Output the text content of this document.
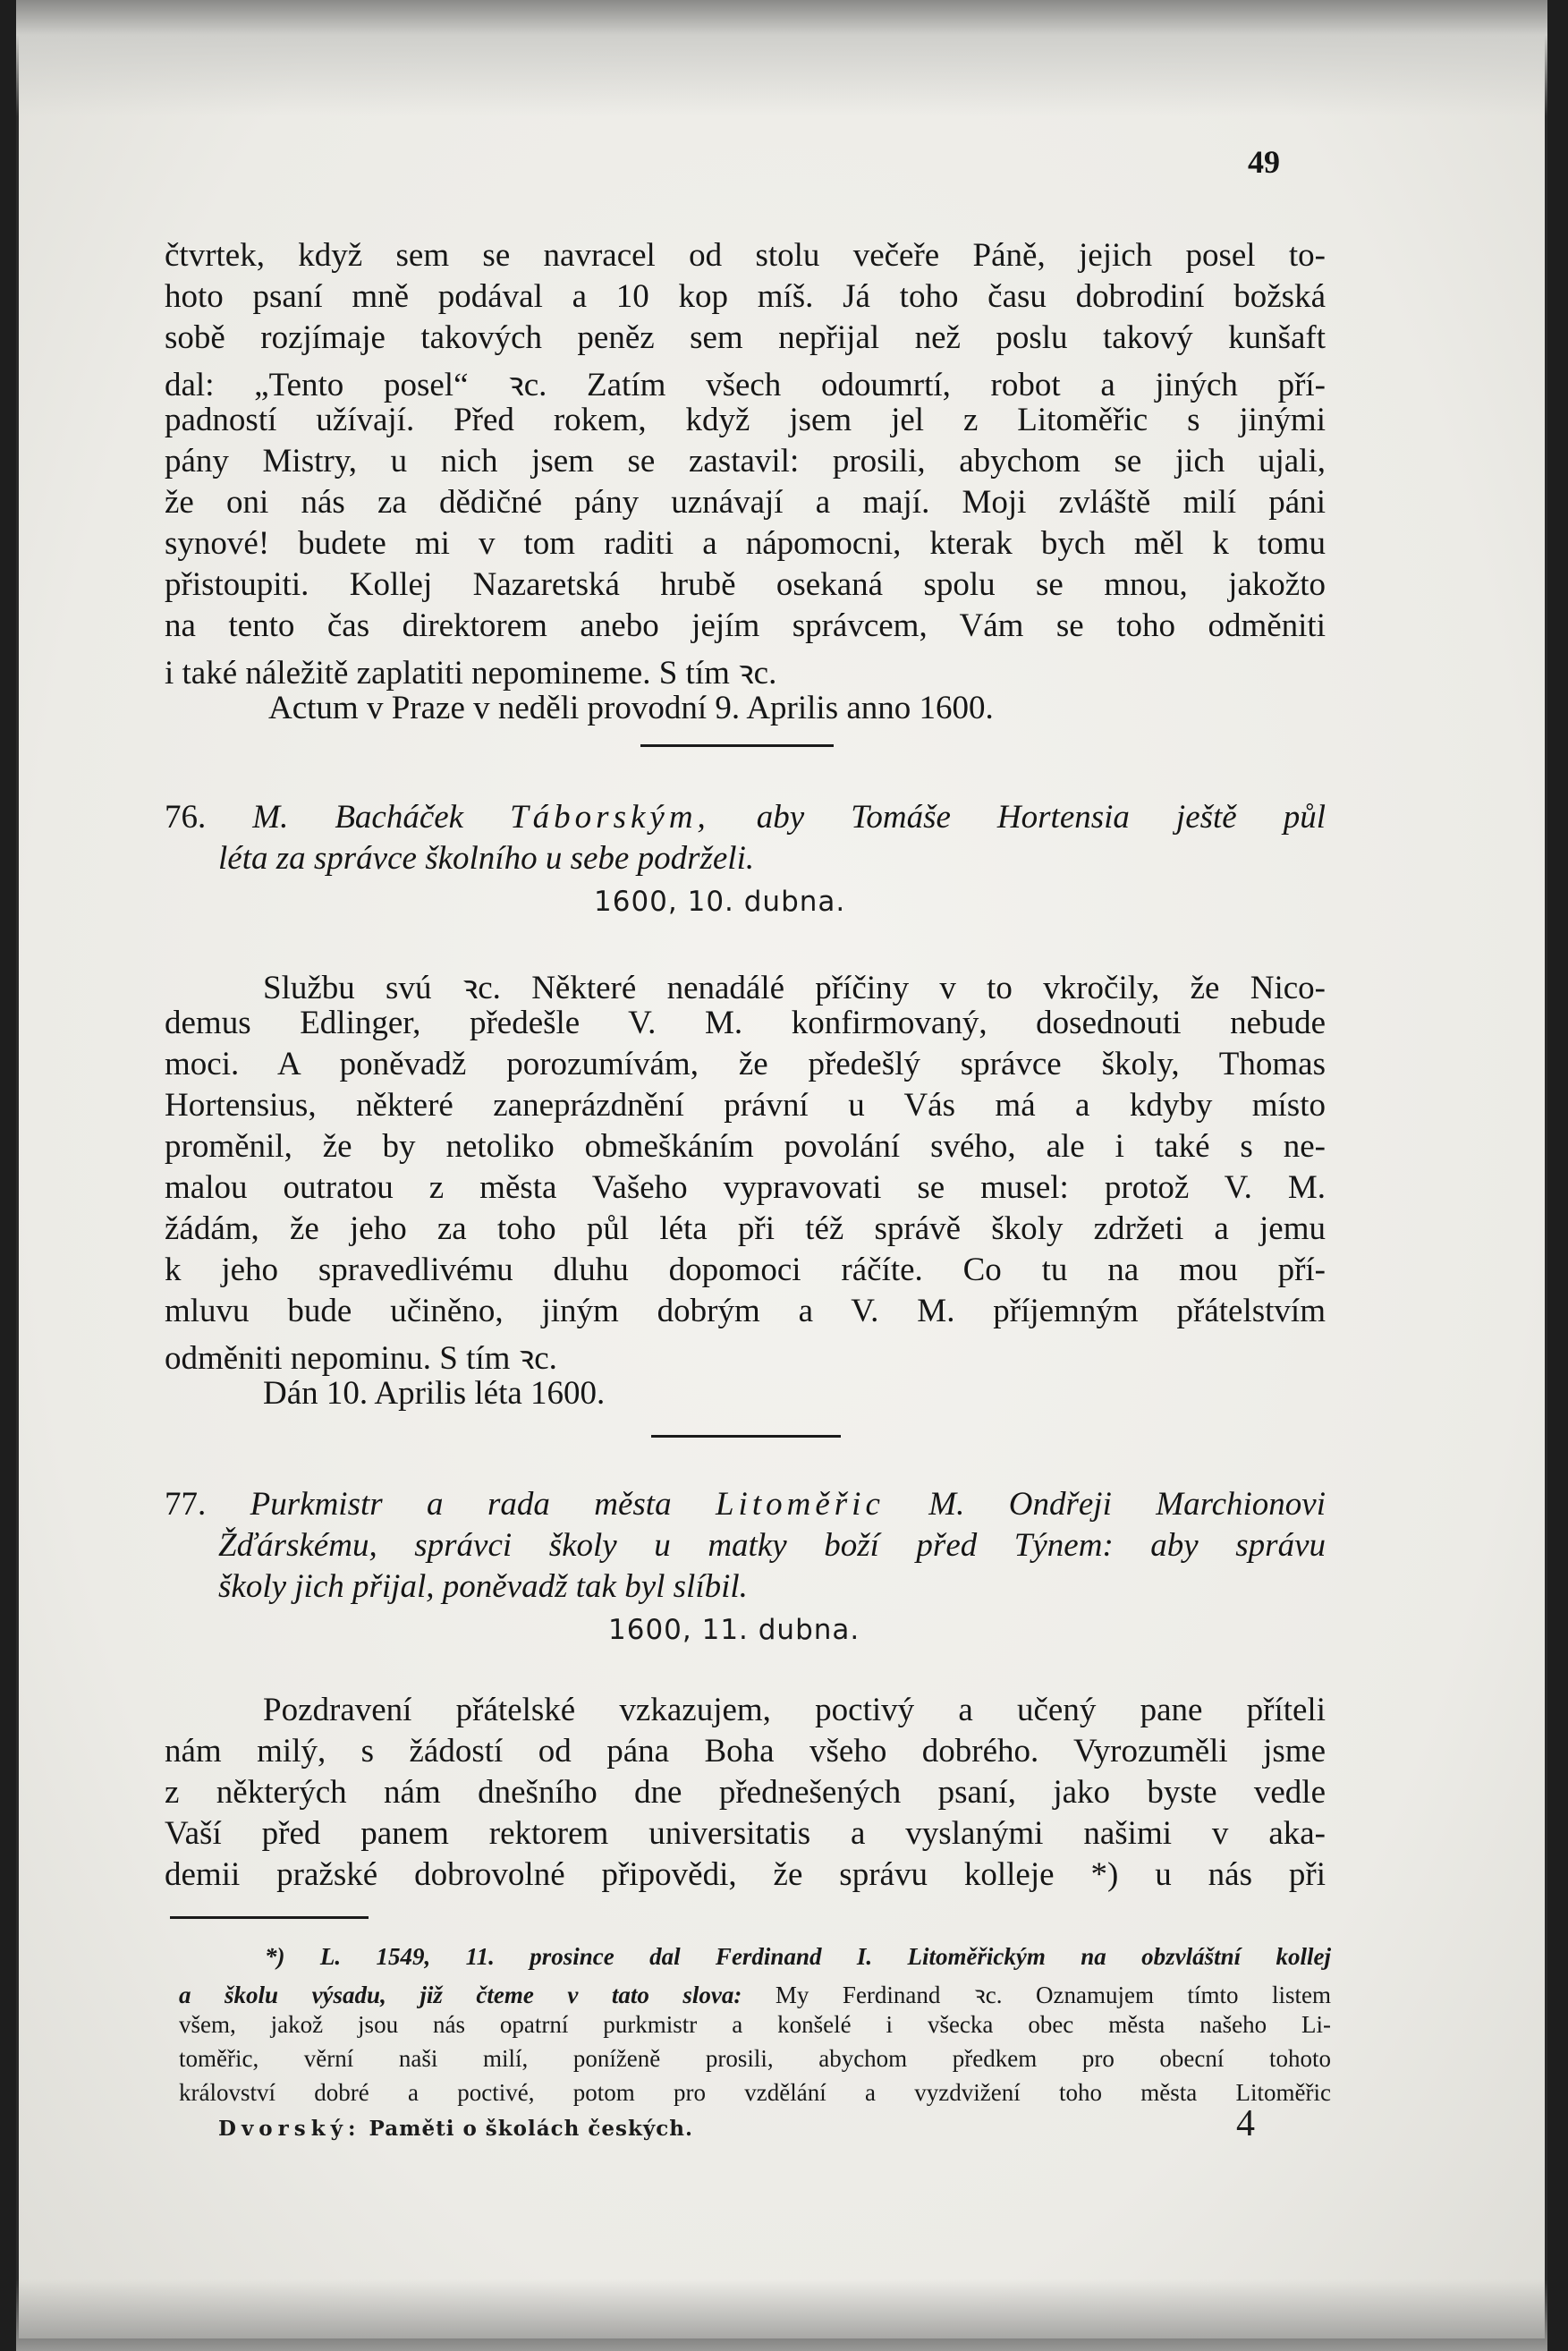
49
čtvrtek, když sem se navracel od stolu večeře Páně, jejich posel to-
hoto psaní mně podával a 10 kop míš. Já toho času dobrodiní božská
sobě rozjímaje takových peněz sem nepřijal než poslu takový kunšaft
dal: „Tento posel“ ꝛc. Zatím všech odoumrtí, robot a jiných pří-
padností užívají. Před rokem, když jsem jel z Litoměřic s jinými
pány Mistry, u nich jsem se zastavil: prosili, abychom se jich ujali,
že oni nás za dědičné pány uznávají a mají. Moji zvláště milí páni
synové! budete mi v tom raditi a nápomocni, kterak bych měl k tomu
přistoupiti. Kollej Nazaretská hrubě osekaná spolu se mnou, jakožto
na tento čas direktorem anebo jejím správcem, Vám se toho odměniti
i také náležitě zaplatiti nepomineme. S tím ꝛc.
Actum v Praze v neděli provodní 9. Aprilis anno 1600.
76. M. Bacháček Táborským, aby Tomáše Hortensia ještě půl
léta za správce školního u sebe podrželi.
1600, 10. dubna.
Službu svú ꝛc. Některé nenadálé příčiny v to vkročily, že Nico-
demus Edlinger, předešle V. M. konfirmovaný, dosednouti nebude
moci. A poněvadž porozumívám, že předešlý správce školy, Thomas
Hortensius, některé zaneprázdnění právní u Vás má a kdyby místo
proměnil, že by netoliko obmeškáním povolání svého, ale i také s ne-
malou outratou z města Vašeho vypravovati se musel: protož V. M.
žádám, že jeho za toho půl léta při též správě školy zdržeti a jemu
k jeho spravedlivému dluhu dopomoci ráčíte. Co tu na mou pří-
mluvu bude učiněno, jiným dobrým a V. M. příjemným přátelstvím
odměniti nepominu. S tím ꝛc.
Dán 10. Aprilis léta 1600.
77. Purkmistr a rada města Litoměřic M. Ondřeji Marchionovi
Žďárskému, správci školy u matky boží před Týnem: aby správu
školy jich přijal, poněvadž tak byl slíbil.
1600, 11. dubna.
Pozdravení přátelské vzkazujem, poctivý a učený pane příteli
nám milý, s žádostí od pána Boha všeho dobrého. Vyrozuměli jsme
z některých nám dnešního dne přednešených psaní, jako byste vedle
Vaší před panem rektorem universitatis a vyslanými našimi v aka-
demii pražské dobrovolné připovědi, že správu kolleje *) u nás při
*) L. 1549, 11. prosince dal Ferdinand I. Litoměřickým na obzvláštní kollej
a školu výsadu, již čteme v tato slova: My Ferdinand ꝛc. Oznamujem tímto listem
všem, jakož jsou nás opatrní purkmistr a konšelé i všecka obec města našeho Li-
toměřic, věrní naši milí, poníženě prosili, abychom předkem pro obecní tohoto
království dobré a poctivé, potom pro vzdělání a vyzdvižení toho města Litoměřic
Dvorský: Paměti o školách českých.	4
